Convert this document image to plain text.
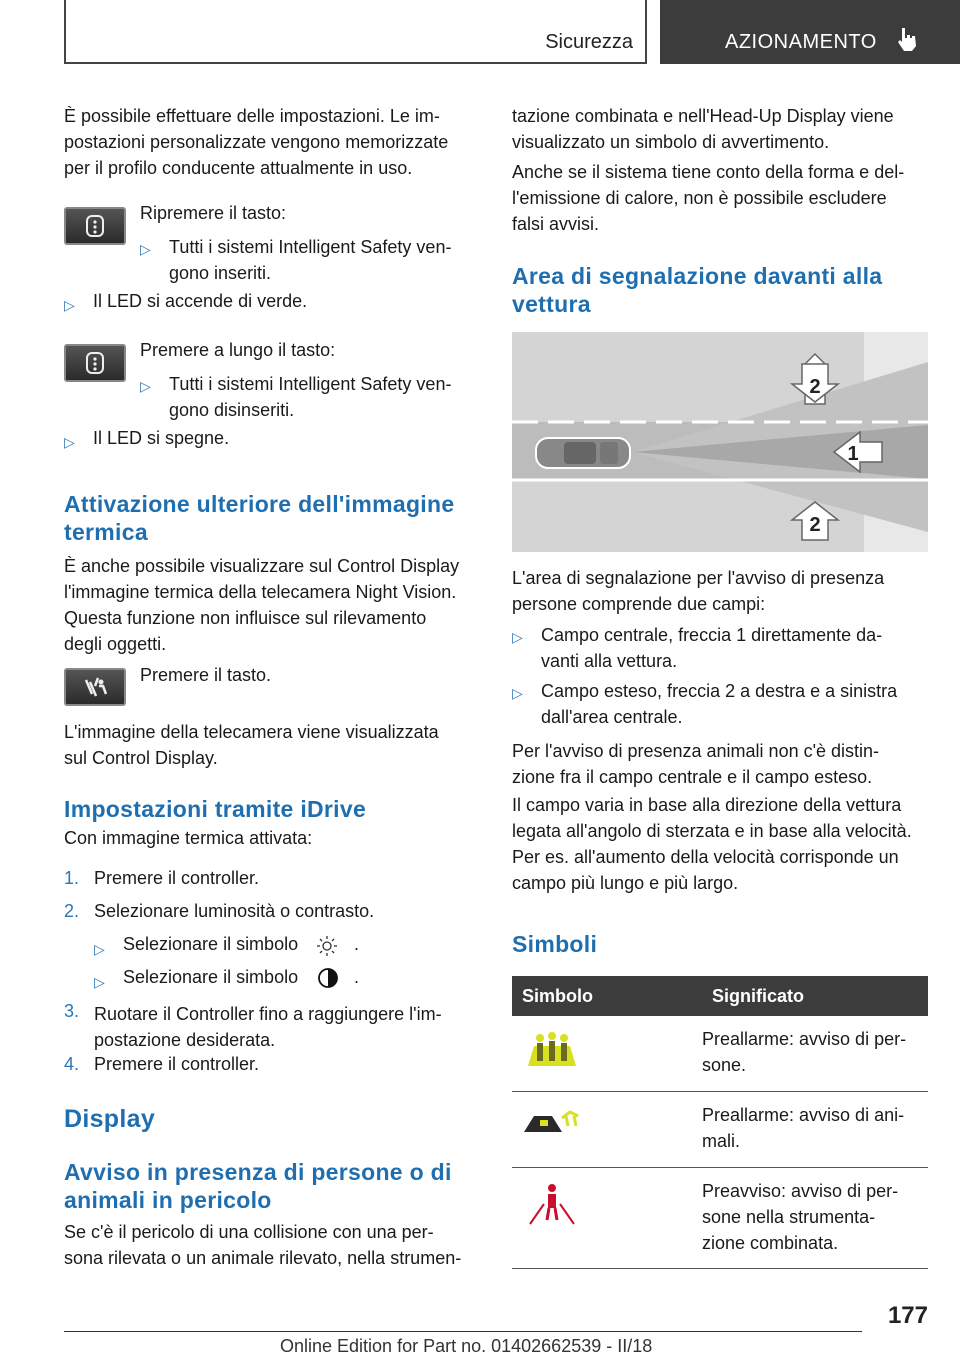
Sicurezza	AZIONAMENTO

È possibile effettuare delle impostazioni. Le im-

postazioni personalizzate vengono memorizzate

per il profilo conducente attualmente in uso.

Ripremere il tasto:

▷ Tutti i sistemi Intelligent Safety ven-

gono inseriti.

▷ Il LED si accende di verde.

Premere a lungo il tasto:

▷ Tutti i sistemi Intelligent Safety ven-

gono disinseriti.

▷ Il LED si spegne.

Attivazione ulteriore dell'immagine
termica

È anche possibile visualizzare sul Control Display

l'immagine termica della telecamera Night Vision.

Questa funzione non influisce sul rilevamento

degli oggetti.

Premere il tasto.

L'immagine della telecamera viene visualizzata

sul Control Display.

Impostazioni tramite iDrive

Con immagine termica attivata:

1. Premere il controller.

2. Selezionare luminosità o contrasto.

▷ Selezionare il simbolo	.
▷ Selezionare il simbolo	.
3. Ruotare il Controller fino a raggiungere l'im-

postazione desiderata.

4. Premere il controller.

Display
Avviso in presenza di persone o di
animali in pericolo

Se c'è il pericolo di una collisione con una per-

sona rilevata o un animale rilevato, nella strumen-

tazione combinata e nell'Head-Up Display viene

visualizzato un simbolo di avvertimento.

Anche se il sistema tiene conto della forma e del-

l'emissione di calore, non è possibile escludere

falsi avvisi.

Area di segnalazione davanti alla
vettura
2
1
2

L'area di segnalazione per l'avviso di presenza

persone comprende due campi:

▷ Campo centrale, freccia 1 direttamente da-

vanti alla vettura.

▷ Campo esteso, freccia 2 a destra e a sinistra

dall'area centrale.

Per l'avviso di presenza animali non c'è distin-

zione fra il campo centrale e il campo esteso.

Il campo varia in base alla direzione della vettura

legata all'angolo di sterzata e in base alla velocità.

Per es. all'aumento della velocità corrisponde un

campo più lungo e più largo.

Simboli
Simbolo	Significato

Preallarme: avviso di per-
sone.

Preallarme: avviso di ani-
mali.

Preavviso: avviso di per-
sone nella strumenta-
zione combinata.
177
Online Edition for Part no. 01402662539 - II/18
